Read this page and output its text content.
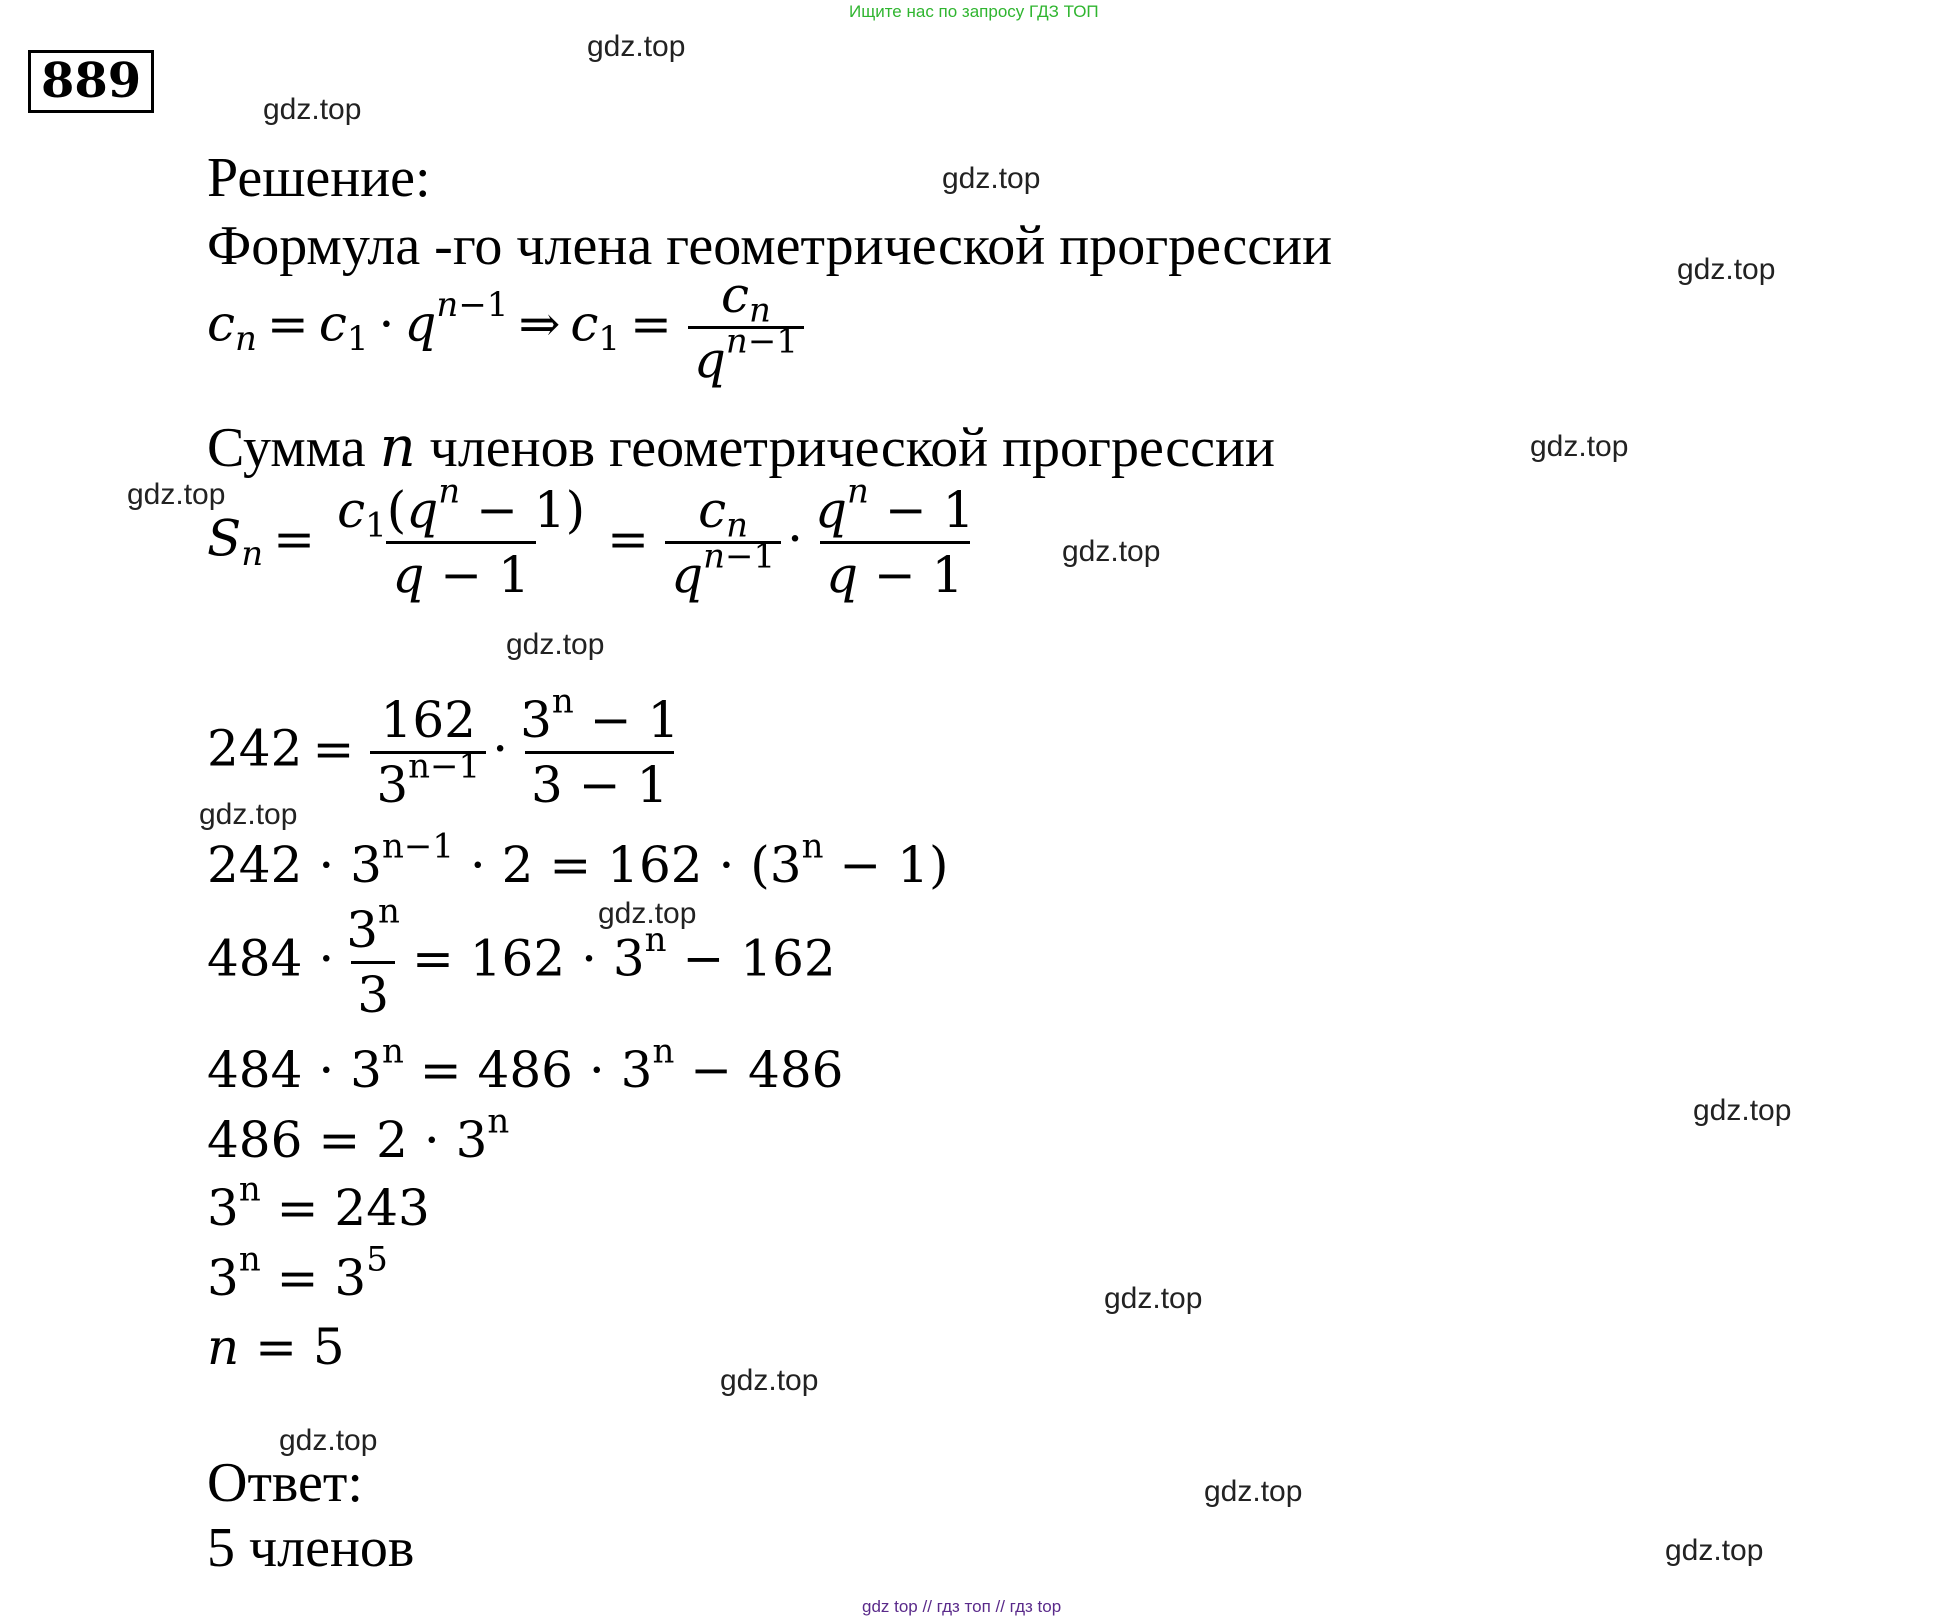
Ищите нас по запросу ГДЗ ТОП
889
gdz.top
gdz.top
gdz.top
gdz.top
gdz.top
gdz.top
gdz.top
gdz.top
gdz.top
gdz.top
gdz.top
gdz.top
gdz.top
gdz.top
gdz.top
gdz.top
Решение:
Формула -го члена геометрической прогрессии
$c_n = c_1 \cdot q^{n-1}$ ⇒ $c_1 = \frac{c_n}{q^{n-1}}$
Сумма n членов геометрической прогрессии
$S_n = \frac{c_1(q^n - 1)}{q - 1} = \frac{c_n}{q^{n-1}} \cdot \frac{q^n - 1}{q - 1}$
$242 = \frac{162}{3^{n-1}} \cdot \frac{3^n - 1}{3 - 1}$
$242 \cdot 3^{n-1} \cdot 2 = 162 \cdot (3^n - 1)$
$484 \cdot \frac{3^n}{3} = 162 \cdot 3^n - 162$
$484 \cdot 3^n = 486 \cdot 3^n - 486$
$486 = 2 \cdot 3^n$
$3^n = 243$
$3^n = 3^5$
n = 5
Ответ:
5 членов
gdz top // гдз топ // гдз top
